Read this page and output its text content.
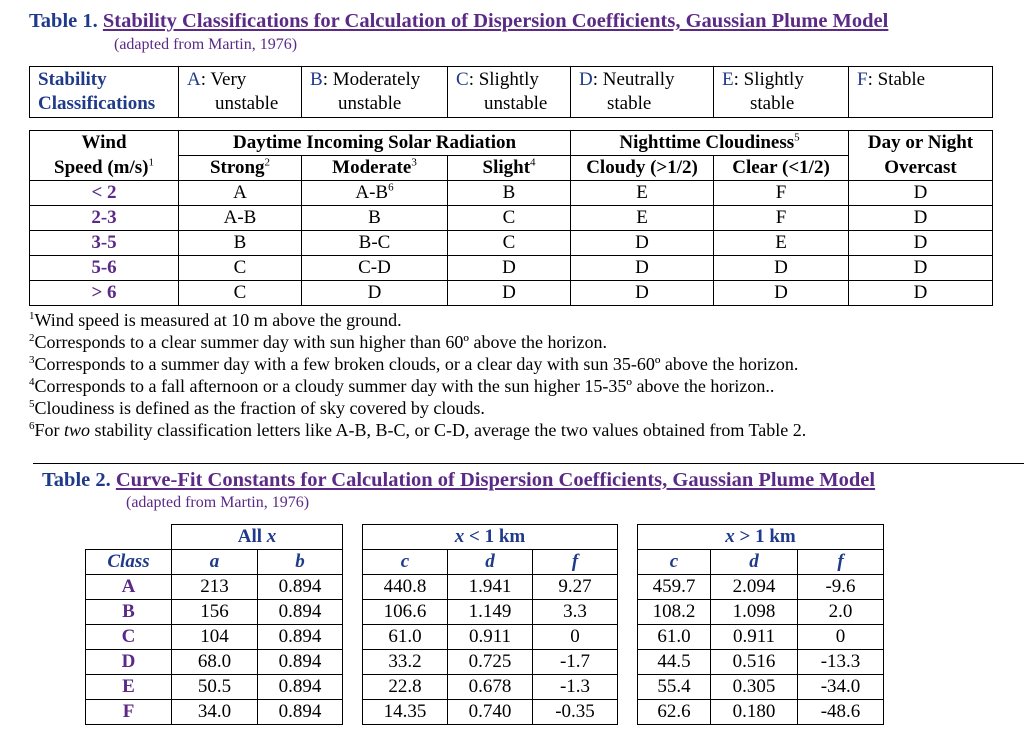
Table 1. Stability Classifications for Calculation of Dispersion Coefficients, Gaussian Plume Model
(adapted from Martin, 1976)
Stability
Classifications	A: Very
unstable
	B: Moderately
unstable
	C: Slightly
unstable
	D: Neutrally
stable
	E: Slightly
stable
	F: Stable
Wind	Daytime Incoming Solar Radiation			Nighttime Cloudiness$^5$		Day or Night
Speed $(m/s)^1$	Strong$^2$	Moderate$^3$	Slight$^4$	Cloudy (>1/2)	Clear (<1/2)	Overcast
< 2	A	$A-B^6$	B	E	F	D
2-3	A-B	B	C	E	F	D
3-5	B	B-C	C	D	E	D
5-6	C	C-D	D	D	D	D
> 6	C	D	D	D	D	D
$^1$Wind speed is measured at 10 m above the ground.
$^2$Corresponds to a clear summer day with sun higher than 60º above the horizon.
$^3$Corresponds to a summer day with a few broken clouds, or a clear day with sun 35-60º above the horizon.
$^4$Corresponds to a fall afternoon or a cloudy summer day with the sun higher 15-35º above the horizon..
$^5$Cloudiness is defined as the fraction of sky covered by clouds.
$^6$For two stability classification letters like A-B, B-C, or C-D, average the two values obtained from Table 2.
Table 2. Curve-Fit Constants for Calculation of Dispersion Coefficients, Gaussian Plume Model
(adapted from Martin, 1976)
	All x	
Class	a	b
A	213	0.894
B	156	0.894
C	104	0.894
D	68.0	0.894
E	50.5	0.894
F	34.0	0.894
x < 1 km		
c	d	f
440.8	1.941	9.27
106.6	1.149	3.3
61.0	0.911	0
33.2	0.725	-1.7
22.8	0.678	-1.3
14.35	0.740	-0.35
x > 1 km		
c	d	f
459.7	2.094	-9.6
108.2	1.098	2.0
61.0	0.911	0
44.5	0.516	-13.3
55.4	0.305	-34.0
62.6	0.180	-48.6
